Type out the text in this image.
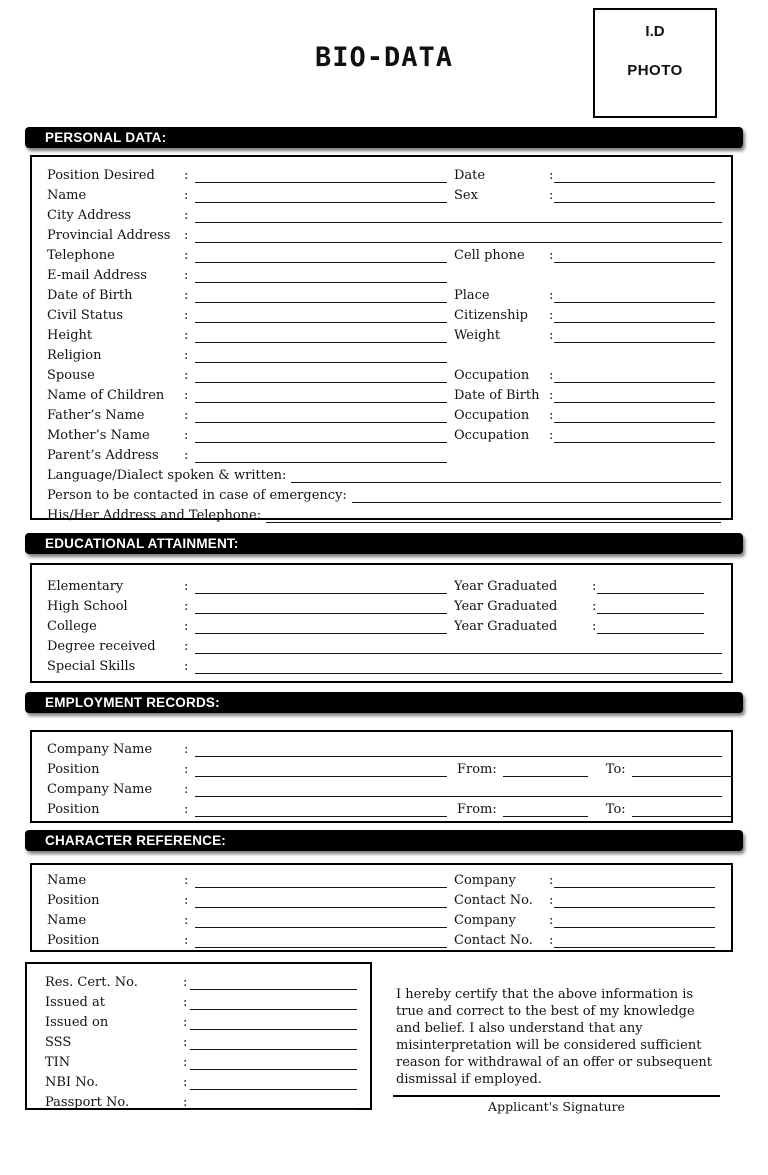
BIO-DATA
I.D
PHOTO
PERSONAL DATA:
Position Desired	:	Date	:
Name	:	Sex	:
City Address	:
Provincial Address	:
Telephone	:	Cell phone	:
E-mail Address	:
Date of Birth	:	Place	:
Civil Status	:	Citizenship	:
Height	:	Weight	:
Religion	:
Spouse	:	Occupation	:
Name of Children	:	Date of Birth :
Father’s Name	:	Occupation	:
Mother’s Name	:	Occupation	:
Parent’s Address	:
Language/Dialect spoken & written:
Person to be contacted in case of emergency:
His/Her Address and Telephone:
EDUCATIONAL ATTAINMENT:
Elementary	:	Year Graduated	:
High School	:	Year Graduated	:
College	:	Year Graduated	:
Degree received	:
Special Skills	:
EMPLOYMENT RECORDS:
Company Name	:
Position	:	From:	To:
Company Name	:
Position	:	From:	To:
CHARACTER REFERENCE:
Name	:	Company	:
Position	:	Contact No.	:
Name	:	Company	:
Position	:	Contact No.	:
Res. Cert. No.	:
Issued at	:
Issued on	:
SSS	:
TIN	:
NBI No.	:
Passport No.	:
I hereby certify that the above information is true and correct to the best of my knowledge and belief. I also understand that any misinterpretation will be considered sufficient reason for withdrawal of an offer or subsequent dismissal if employed.
Applicant's Signature
